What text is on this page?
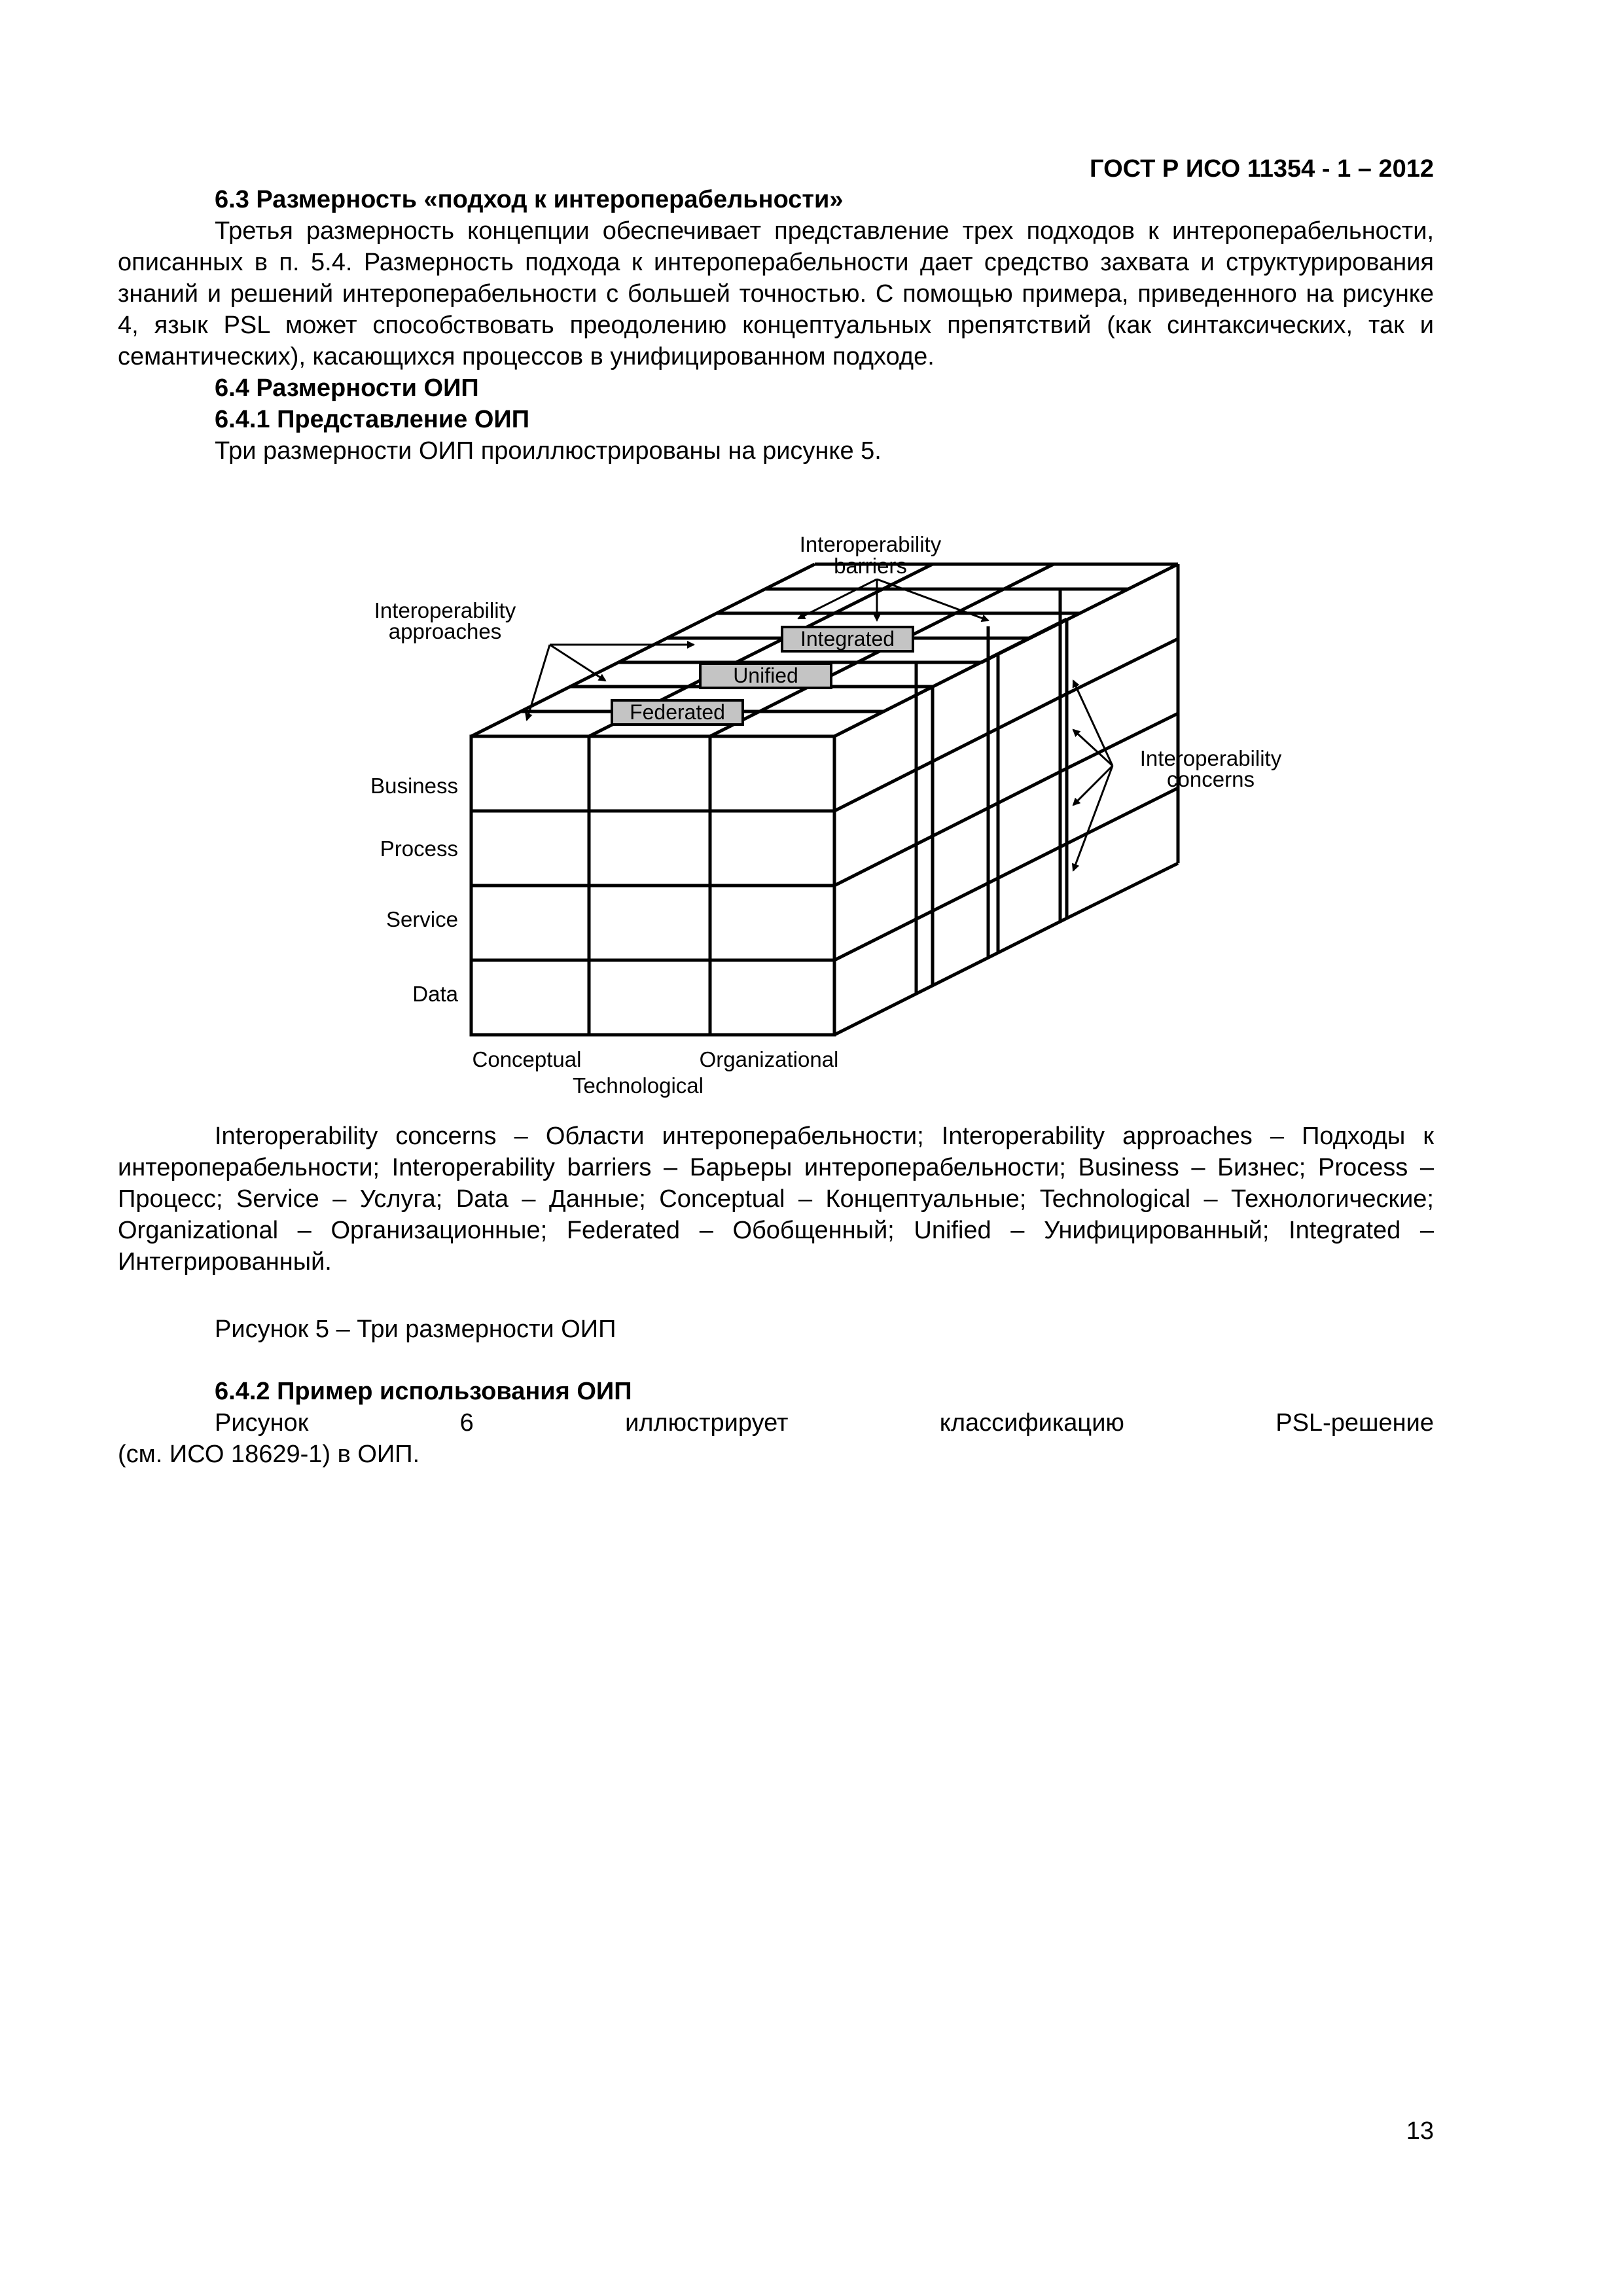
ГОСТ Р ИСО 11354 - 1 – 2012
6.3 Размерность «подход к интероперабельности»
Третья размерность концепции обеспечивает представление трех подходов к интероперабельности, описанных в п. 5.4. Размерность подхода к интероперабельности дает средство захвата и структурирования знаний и решений интероперабельности с большей точностью. С помощью примера, приведенного на рисунке 4, язык PSL может способствовать преодолению концептуальных препятствий (как синтаксических, так и семантических), касающихся процессов в унифицированном подходе.
6.4 Размерности ОИП
6.4.1 Представление ОИП
Три размерности ОИП проиллюстрированы на рисунке 5.
Integrated
Unified
Federated
Interoperability
barriers
Interoperability
approaches
Interoperability
concerns
Business
Process
Service
Data
Conceptual	Organizational
Technological
Interoperability concerns – Области интероперабельности; Interoperability approaches – Подходы к интероперабельности; Interoperability barriers – Барьеры интероперабельности; Business – Бизнес; Process – Процесс; Service – Услуга; Data – Данные; Conceptual – Концептуальные; Technological – Технологические; Organizational – Организационные; Federated – Обобщенный; Unified – Унифицированный; Integrated – Интегрированный.
Рисунок 5 – Три размерности ОИП
6.4.2 Пример использования ОИП
Рисунок	6	иллюстрирует	классификацию	PSL-решение
(см. ИСО 18629-1) в ОИП.
13
